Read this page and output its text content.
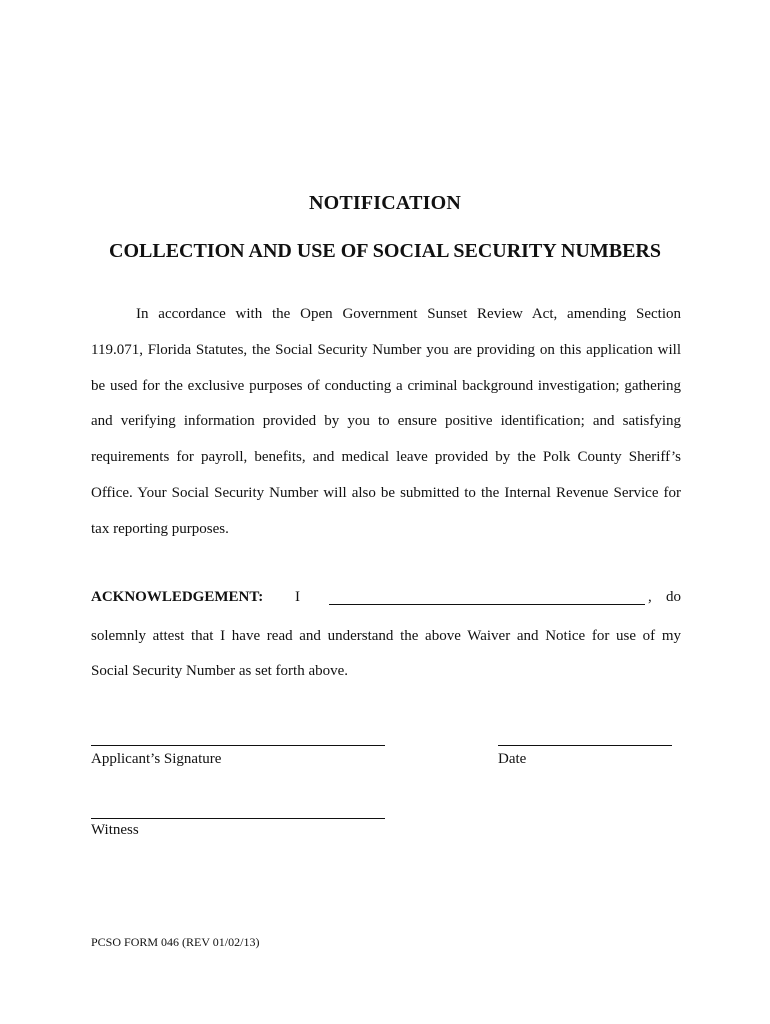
NOTIFICATION
COLLECTION AND USE OF SOCIAL SECURITY NUMBERS
In accordance with the Open Government Sunset Review Act, amending Section
119.071, Florida Statutes, the Social Security Number you are providing on this application will
be used for the exclusive purposes of conducting a criminal background investigation; gathering
and verifying information provided by you to ensure positive identification; and satisfying
requirements for payroll, benefits, and medical leave provided by the Polk County Sheriff’s
Office. Your Social Security Number will also be submitted to the Internal Revenue Service for
tax reporting purposes.
ACKNOWLEDGEMENT: I	, do
solemnly attest that I have read and understand the above Waiver and Notice for use of my
Social Security Number as set forth above.
Applicant’s Signature	Date
Witness
PCSO FORM 046 (REV 01/02/13)
